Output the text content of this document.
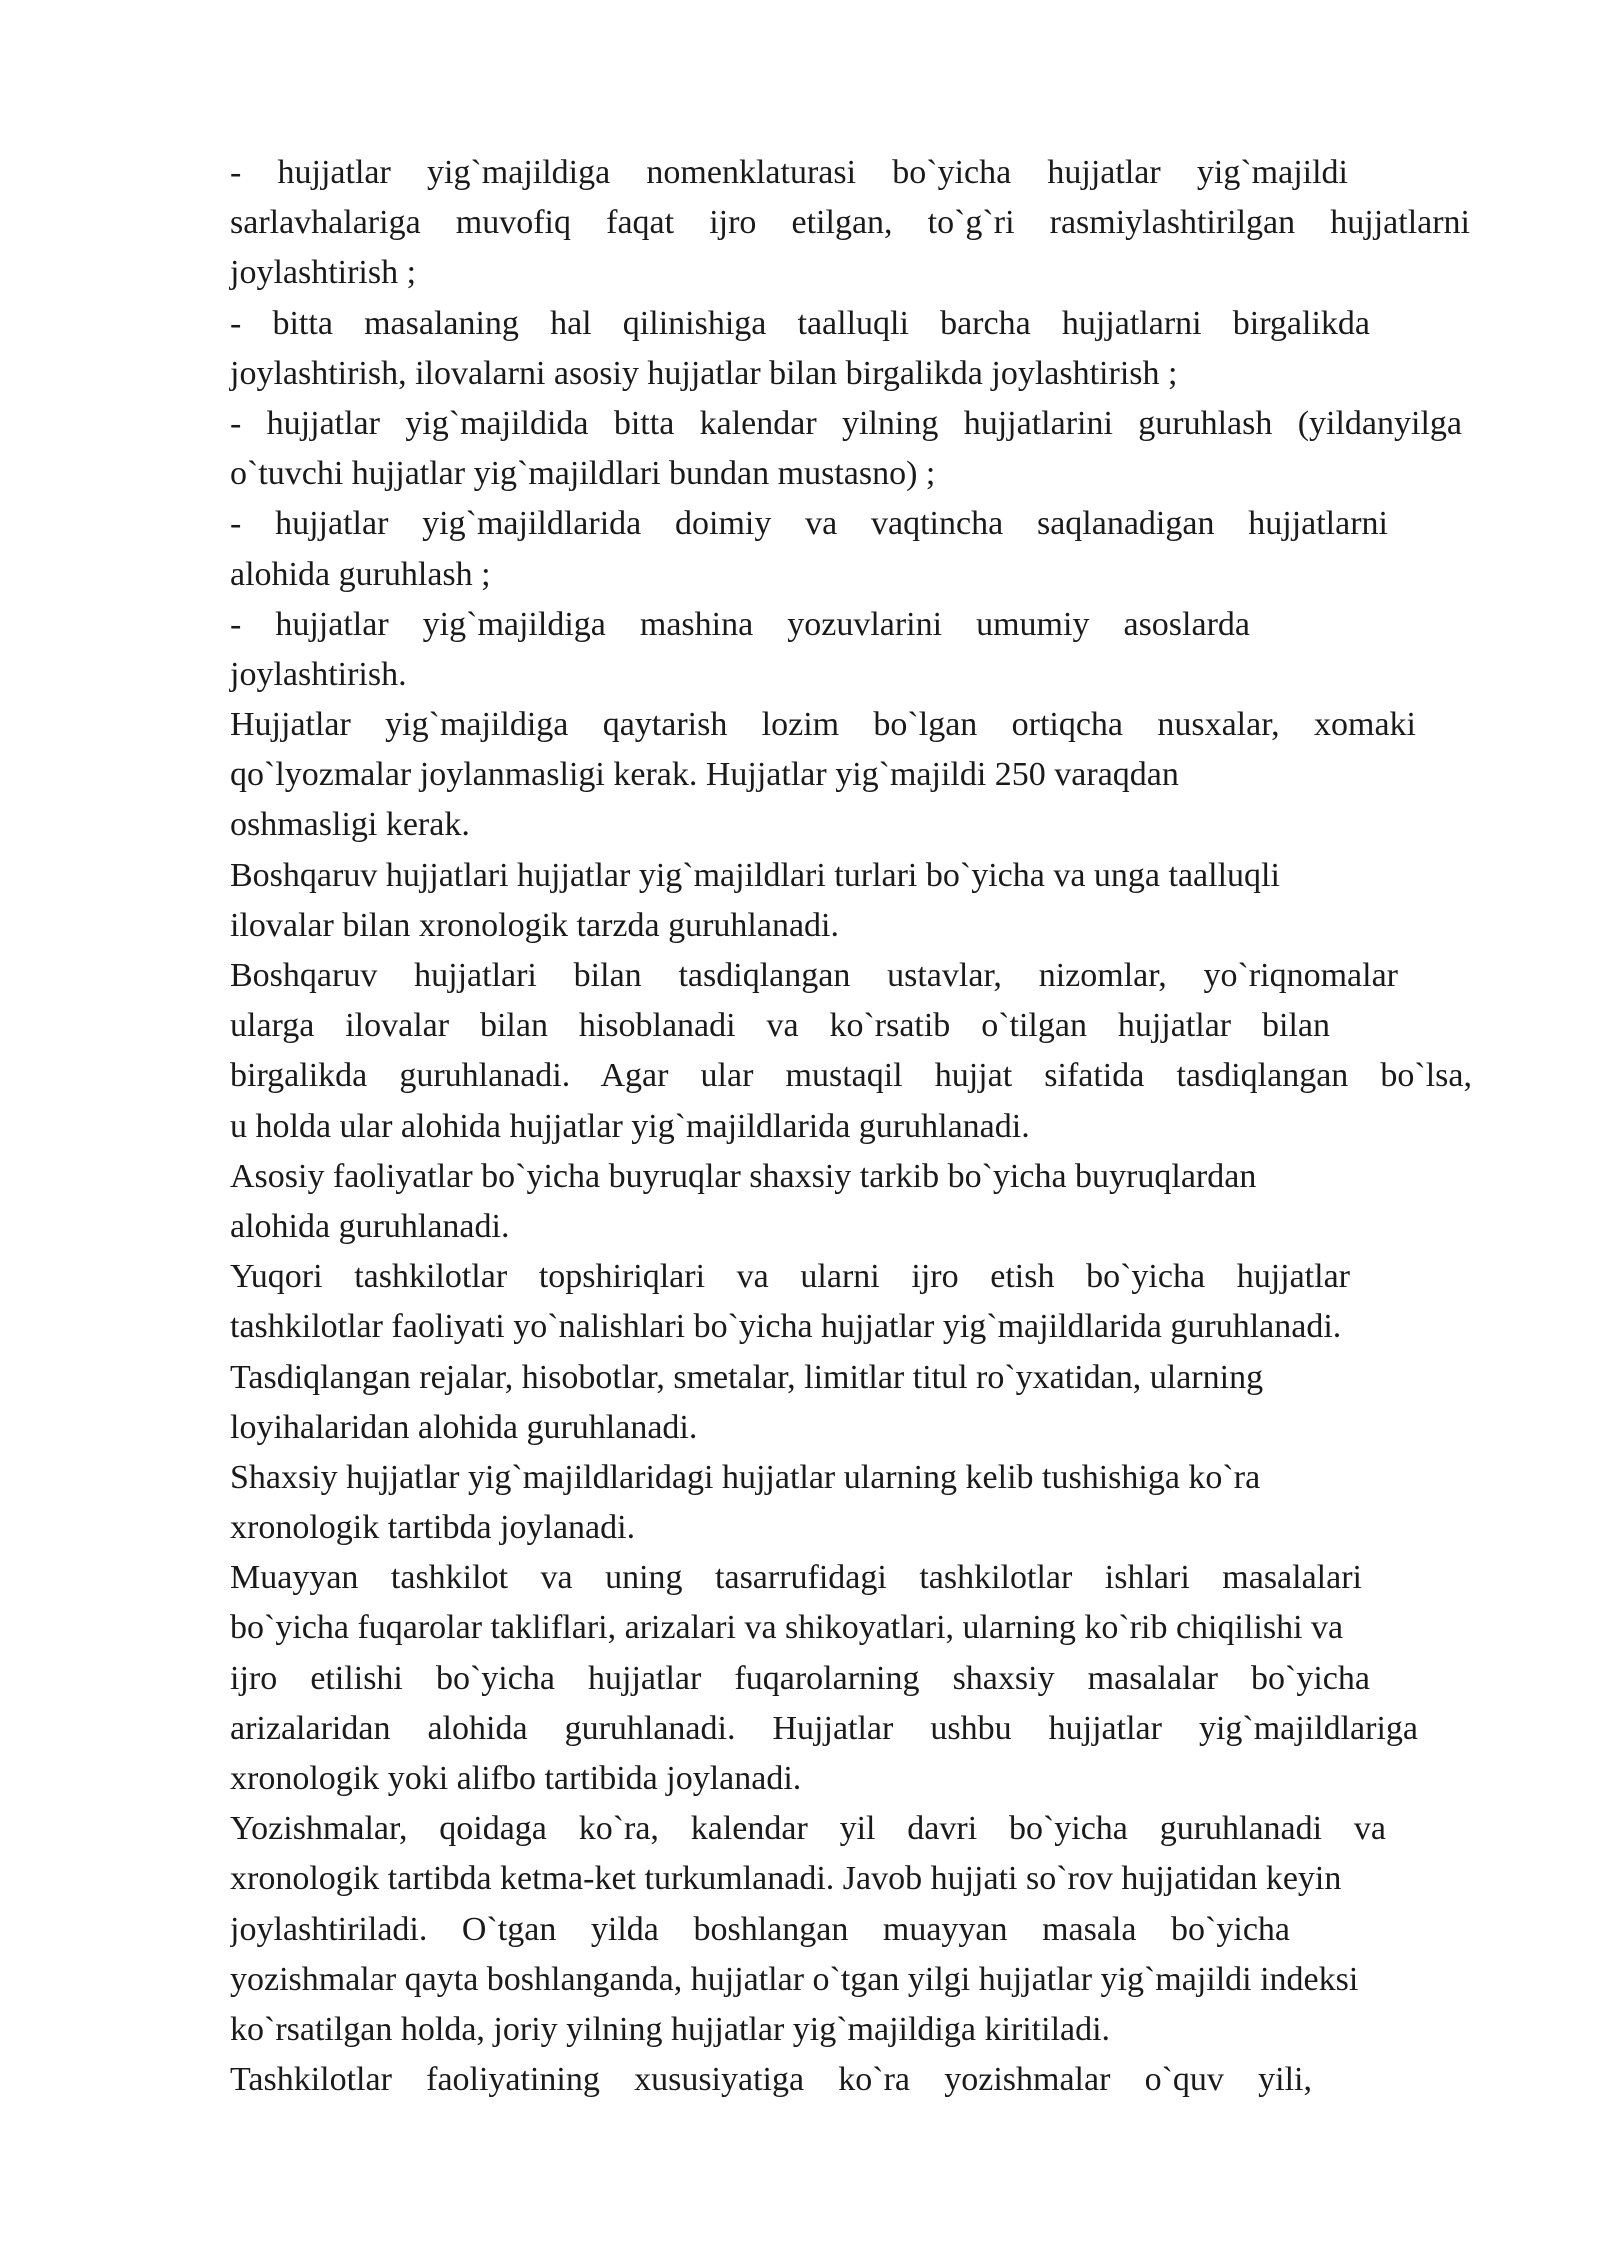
- hujjatlar yig`majildiga nomenklaturasi bo`yicha hujjatlar yig`majildi
sarlavhalariga muvofiq faqat ijro etilgan, to`g`ri rasmiylashtirilgan hujjatlarni
joylashtirish ;
- bitta masalaning hal qilinishiga taalluqli barcha hujjatlarni birgalikda
joylashtirish, ilovalarni asosiy hujjatlar bilan birgalikda joylashtirish ;
- hujjatlar yig`majildida bitta kalendar yilning hujjatlarini guruhlash (yildanyilga
o`tuvchi hujjatlar yig`majildlari bundan mustasno) ;
- hujjatlar yig`majildlarida doimiy va vaqtincha saqlanadigan hujjatlarni
alohida guruhlash ;
- hujjatlar yig`majildiga mashina yozuvlarini umumiy asoslarda
joylashtirish.
Hujjatlar yig`majildiga qaytarish lozim bo`lgan ortiqcha nusxalar, xomaki
qo`lyozmalar joylanmasligi kerak. Hujjatlar yig`majildi 250 varaqdan
oshmasligi kerak.
Boshqaruv hujjatlari hujjatlar yig`majildlari turlari bo`yicha va unga taalluqli
ilovalar bilan xronologik tarzda guruhlanadi.
Boshqaruv hujjatlari bilan tasdiqlangan ustavlar, nizomlar, yo`riqnomalar
ularga ilovalar bilan hisoblanadi va ko`rsatib o`tilgan hujjatlar bilan
birgalikda guruhlanadi. Agar ular mustaqil hujjat sifatida tasdiqlangan bo`lsa,
u holda ular alohida hujjatlar yig`majildlarida guruhlanadi.
Asosiy faoliyatlar bo`yicha buyruqlar shaxsiy tarkib bo`yicha buyruqlardan
alohida guruhlanadi.
Yuqori tashkilotlar topshiriqlari va ularni ijro etish bo`yicha hujjatlar
tashkilotlar faoliyati yo`nalishlari bo`yicha hujjatlar yig`majildlarida guruhlanadi.
Tasdiqlangan rejalar, hisobotlar, smetalar, limitlar titul ro`yxatidan, ularning
loyihalaridan alohida guruhlanadi.
Shaxsiy hujjatlar yig`majildlaridagi hujjatlar ularning kelib tushishiga ko`ra
xronologik tartibda joylanadi.
Muayyan tashkilot va uning tasarrufidagi tashkilotlar ishlari masalalari
bo`yicha fuqarolar takliflari, arizalari va shikoyatlari, ularning ko`rib chiqilishi va
ijro etilishi bo`yicha hujjatlar fuqarolarning shaxsiy masalalar bo`yicha
arizalaridan alohida guruhlanadi. Hujjatlar ushbu hujjatlar yig`majildlariga
xronologik yoki alifbo tartibida joylanadi.
Yozishmalar, qoidaga ko`ra, kalendar yil davri bo`yicha guruhlanadi va
xronologik tartibda ketma-ket turkumlanadi. Javob hujjati so`rov hujjatidan keyin
joylashtiriladi. O`tgan yilda boshlangan muayyan masala bo`yicha
yozishmalar qayta boshlanganda, hujjatlar o`tgan yilgi hujjatlar yig`majildi indeksi
ko`rsatilgan holda, joriy yilning hujjatlar yig`majildiga kiritiladi.
Tashkilotlar faoliyatining xususiyatiga ko`ra yozishmalar o`quv yili,
